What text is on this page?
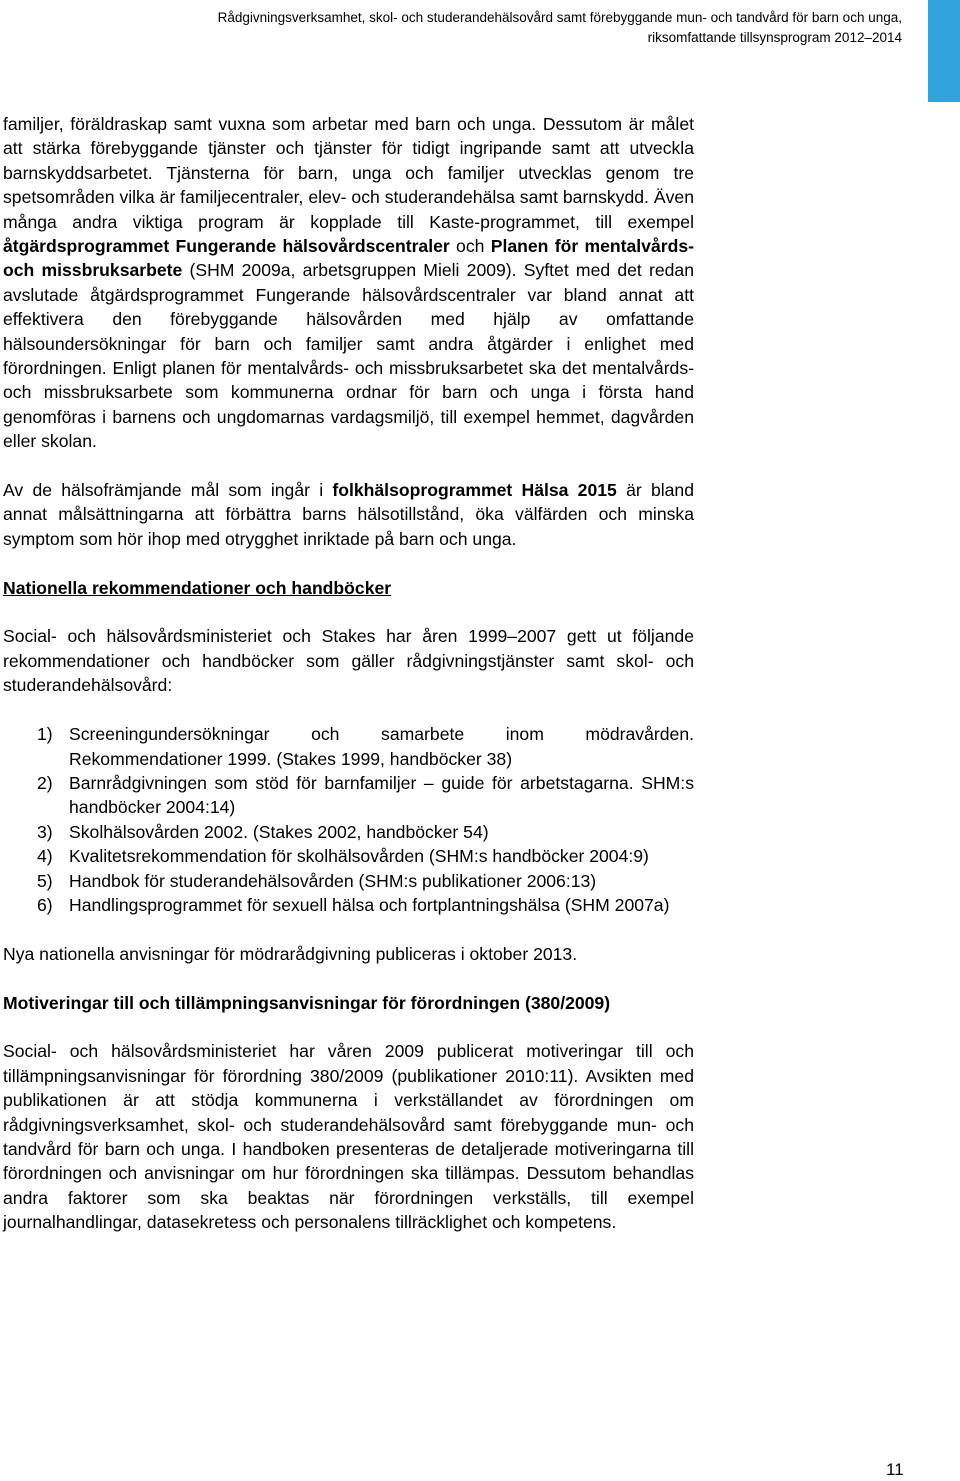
Rådgivningsverksamhet, skol- och studerandehälsovård samt förebyggande mun- och tandvård för barn och unga,
riksomfattande tillsynsprogram 2012–2014

familjer, föräldraskap samt vuxna som arbetar med barn och unga. Dessutom är målet att stärka förebyggande tjänster och tjänster för tidigt ingripande samt att utveckla barnskyddsarbetet. Tjänsterna för barn, unga och familjer utvecklas genom tre spetsområden vilka är familjecentraler, elev- och studerandehälsa samt barnskydd. Även många andra viktiga program är kopplade till Kaste-programmet, till exempel åtgärdsprogrammet Fungerande hälsovårdscentraler och Planen för mentalvårds- och missbruksarbete (SHM 2009a, arbetsgruppen Mieli 2009). Syftet med det redan avslutade åtgärdsprogrammet Fungerande hälsovårdscentraler var bland annat att effektivera den förebyggande hälsovården med hjälp av omfattande hälsoundersökningar för barn och familjer samt andra åtgärder i enlighet med förordningen. Enligt planen för mentalvårds- och missbruksarbetet ska det mentalvårds- och missbruksarbete som kommunerna ordnar för barn och unga i första hand genomföras i barnens och ungdomarnas vardagsmiljö, till exempel hemmet, dagvården eller skolan.

Av de hälsofrämjande mål som ingår i folkhälsoprogrammet Hälsa 2015 är bland annat målsättningarna att förbättra barns hälsotillstånd, öka välfärden och minska symptom som hör ihop med otrygghet inriktade på barn och unga.

Nationella rekommendationer och handböcker

Social- och hälsovårdsministeriet och Stakes har åren 1999–2007 gett ut följande rekommendationer och handböcker som gäller rådgivningstjänster samt skol- och studerandehälsovård:

1) Screeningundersökningar och samarbete inom mödravården. Rekommendationer 1999. (Stakes 1999, handböcker 38)
2) Barnrådgivningen som stöd för barnfamiljer – guide för arbetstagarna. SHM:s handböcker 2004:14)
3) Skolhälsovården 2002. (Stakes 2002, handböcker 54)
4) Kvalitetsrekommendation för skolhälsovården (SHM:s handböcker 2004:9)
5) Handbok för studerandehälsovården (SHM:s publikationer 2006:13)
6) Handlingsprogrammet för sexuell hälsa och fortplantningshälsa (SHM 2007a)

Nya nationella anvisningar för mödrarådgivning publiceras i oktober 2013.

Motiveringar till och tillämpningsanvisningar för förordningen (380/2009)

Social- och hälsovårdsministeriet har våren 2009 publicerat motiveringar till och tillämpningsanvisningar för förordning 380/2009 (publikationer 2010:11). Avsikten med publikationen är att stödja kommunerna i verkställandet av förordningen om rådgivningsverksamhet, skol- och studerandehälsovård samt förebyggande mun- och tandvård för barn och unga. I handboken presenteras de detaljerade motiveringarna till förordningen och anvisningar om hur förordningen ska tillämpas. Dessutom behandlas andra faktorer som ska beaktas när förordningen verkställs, till exempel journalhandlingar, datasekretess och personalens tillräcklighet och kompetens.

11
